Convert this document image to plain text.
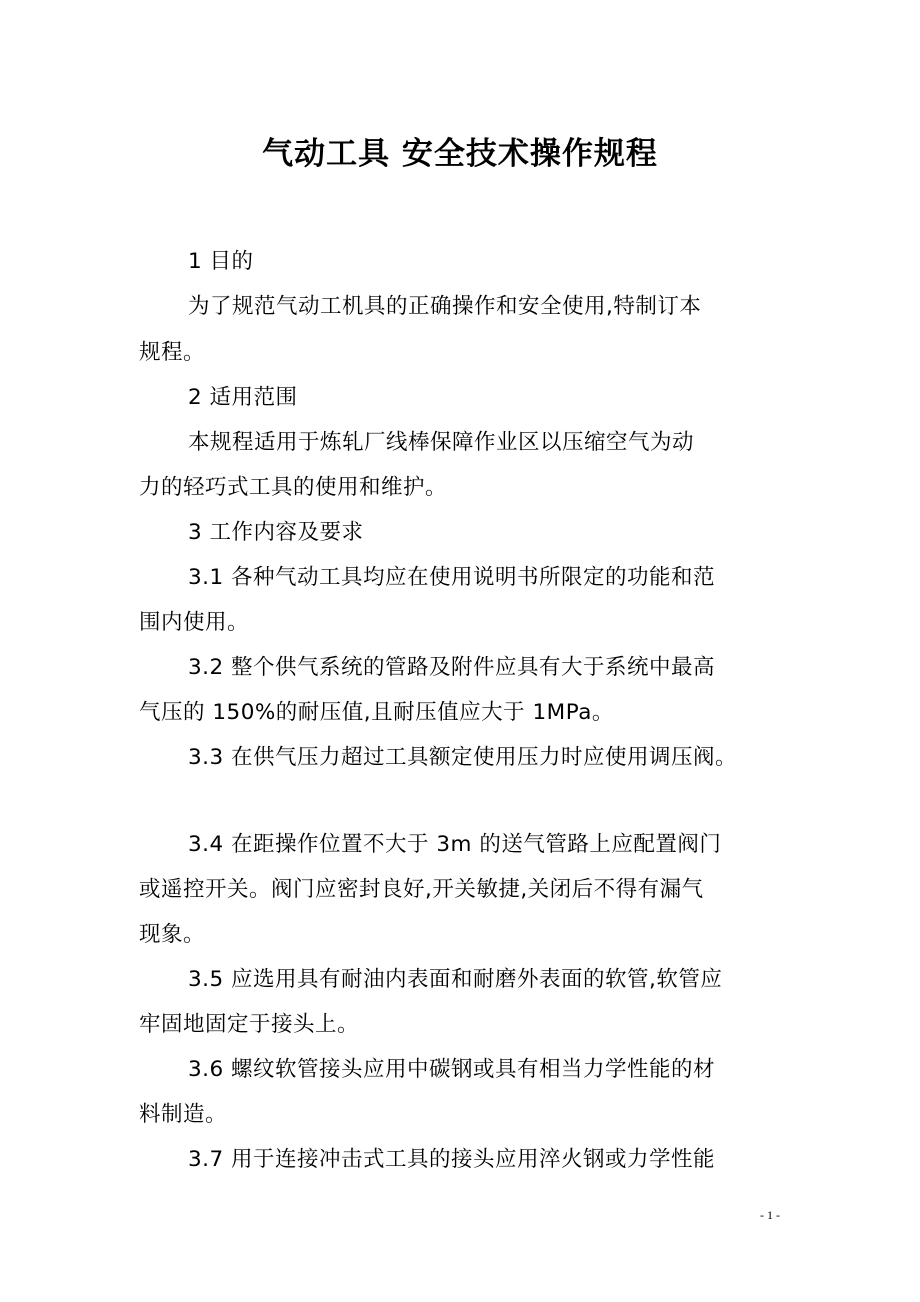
气动工具 安全技术操作规程
1 目的
为了规范气动工机具的正确操作和安全使用,特制订本
规程。
2 适用范围
本规程适用于炼轧厂线棒保障作业区以压缩空气为动
力的轻巧式工具的使用和维护。
3 工作内容及要求
3.1 各种气动工具均应在使用说明书所限定的功能和范
围内使用。
3.2 整个供气系统的管路及附件应具有大于系统中最高
气压的 150%的耐压值,且耐压值应大于 1MPa。
3.3 在供气压力超过工具额定使用压力时应使用调压阀。
3.4 在距操作位置不大于 3m 的送气管路上应配置阀门
或遥控开关。阀门应密封良好,开关敏捷,关闭后不得有漏气
现象。
3.5 应选用具有耐油内表面和耐磨外表面的软管,软管应
牢固地固定于接头上。
3.6 螺纹软管接头应用中碳钢或具有相当力学性能的材
料制造。
3.7 用于连接冲击式工具的接头应用淬火钢或力学性能
- 1 -
